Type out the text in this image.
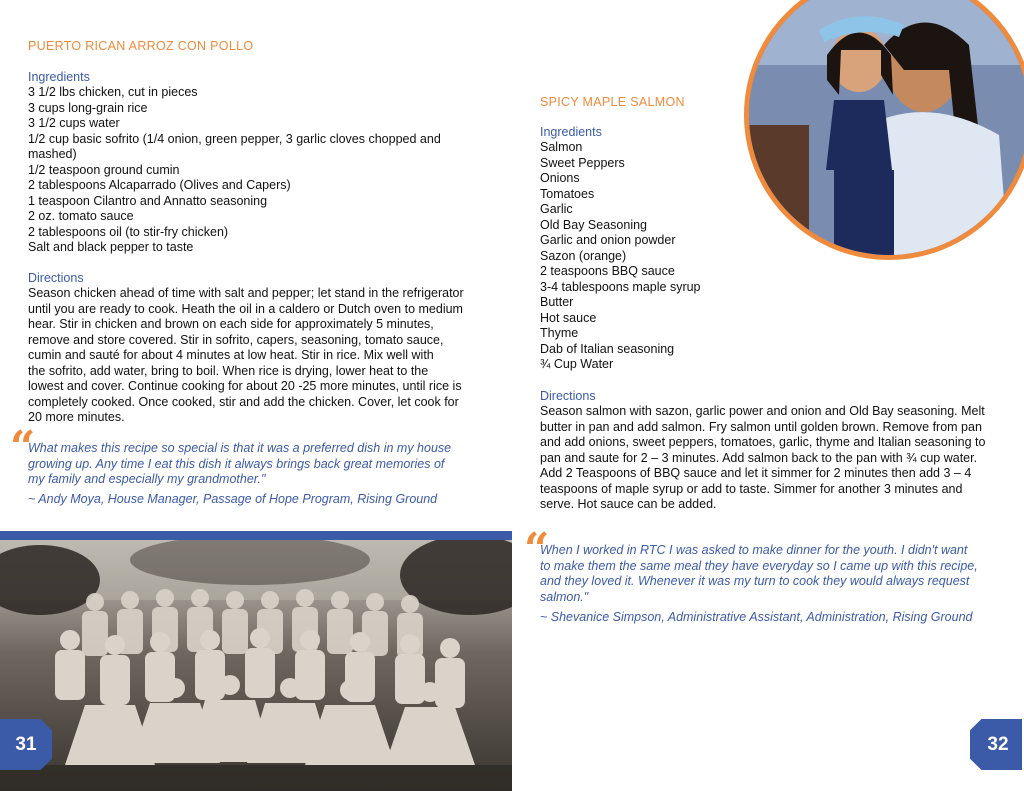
PUERTO RICAN ARROZ CON POLLO
Ingredients
3 1/2 lbs chicken, cut in pieces
3 cups long-grain rice
3 1/2 cups water
1/2 cup basic sofrito (1/4 onion, green pepper, 3 garlic cloves chopped and
mashed)
1/2 teaspoon ground cumin
2 tablespoons Alcaparrado (Olives and Capers)
1 teaspoon Cilantro and Annatto seasoning
2 oz. tomato sauce
2 tablespoons oil (to stir-fry chicken)
Salt and black pepper to taste
Directions
Season chicken ahead of time with salt and pepper; let stand in the refrigerator
until you are ready to cook. Heath the oil in a caldero or Dutch oven to medium
hear. Stir in chicken and brown on each side for approximately 5 minutes,
remove and store covered. Stir in sofrito, capers, seasoning, tomato sauce,
cumin and sauté for about 4 minutes at low heat. Stir in rice. Mix well with
the sofrito, add water, bring to boil. When rice is drying, lower heat to the
lowest and cover. Continue cooking for about 20 -25 more minutes, until rice is
completely cooked. Once cooked, stir and add the chicken. Cover, let cook for
20 more minutes.
“
What makes this recipe so special is that it was a preferred dish in my house
growing up. Any time I eat this dish it always brings back great memories of
my family and especially my grandmother."
~ Andy Moya, House Manager, Passage of Hope Program, Rising Ground
31
SPICY MAPLE SALMON
Ingredients
Salmon
Sweet Peppers
Onions
Tomatoes
Garlic
Old Bay Seasoning
Garlic and onion powder
Sazon (orange)
2 teaspoons BBQ sauce
3-4 tablespoons maple syrup
Butter
Hot sauce
Thyme
Dab of Italian seasoning
¾ Cup Water
Directions
Season salmon with sazon, garlic power and onion and Old Bay seasoning. Melt
butter in pan and add salmon. Fry salmon until golden brown. Remove from pan
and add onions, sweet peppers, tomatoes, garlic, thyme and Italian seasoning to
pan and saute for 2 – 3 minutes. Add salmon back to the pan with ¾ cup water.
Add 2 Teaspoons of BBQ sauce and let it simmer for 2 minutes then add 3 – 4
teaspoons of maple syrup or add to taste. Simmer for another 3 minutes and
serve. Hot sauce can be added.
“
When I worked in RTC I was asked to make dinner for the youth. I didn't want
to make them the same meal they have everyday so I came up with this recipe,
and they loved it. Whenever it was my turn to cook they would always request
salmon."
~ Shevanice Simpson, Administrative Assistant, Administration, Rising Ground
32
